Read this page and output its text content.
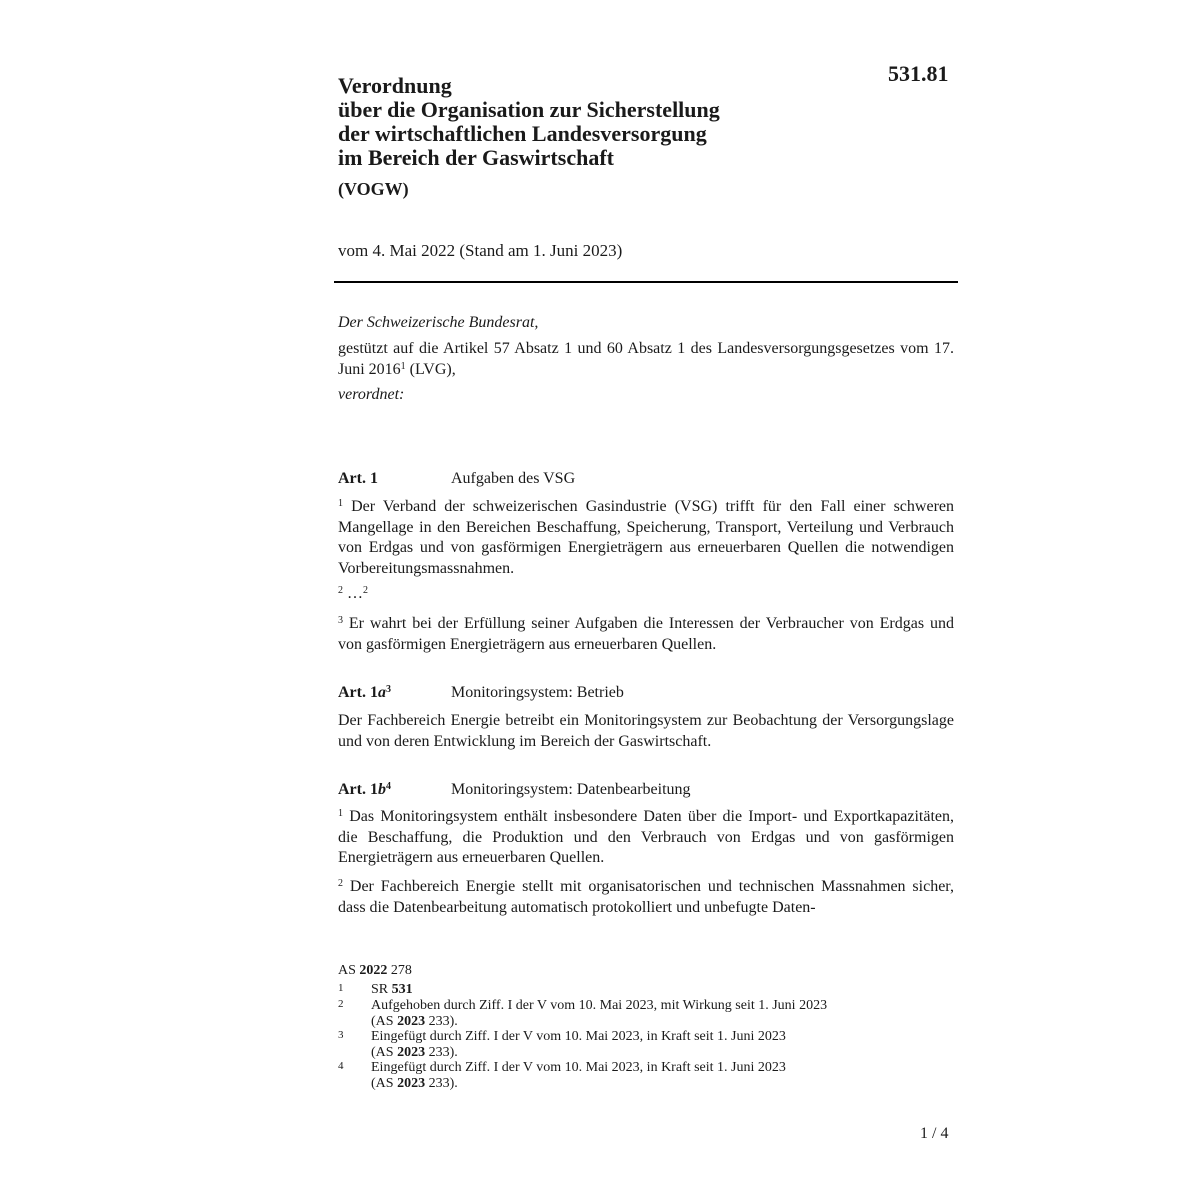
531.81
Verordnung
über die Organisation zur Sicherstellung
der wirtschaftlichen Landesversorgung
im Bereich der Gaswirtschaft
(VOGW)
vom 4. Mai 2022 (Stand am 1. Juni 2023)
Der Schweizerische Bundesrat,
gestützt auf die Artikel 57 Absatz 1 und 60 Absatz 1 des Landesversorgungsgesetzes vom 17. Juni 2016$^1$ (LVG),
verordnet:
Art. 1	Aufgaben des VSG
$^1$ Der Verband der schweizerischen Gasindustrie (VSG) trifft für den Fall einer schweren Mangellage in den Bereichen Beschaffung, Speicherung, Transport, Verteilung und Verbrauch von Erdgas und von gasförmigen Energieträgern aus erneuerbaren Quellen die notwendigen Vorbereitungsmassnahmen.
$^2$ …$^2$
$^3$ Er wahrt bei der Erfüllung seiner Aufgaben die Interessen der Verbraucher von Erdgas und von gasförmigen Energieträgern aus erneuerbaren Quellen.
Art. $1a^3$	Monitoringsystem: Betrieb
Der Fachbereich Energie betreibt ein Monitoringsystem zur Beobachtung der Versorgungslage und von deren Entwicklung im Bereich der Gaswirtschaft.
Art. $1b^4$	Monitoringsystem: Datenbearbeitung
$^1$ Das Monitoringsystem enthält insbesondere Daten über die Import- und Exportkapazitäten, die Beschaffung, die Produktion und den Verbrauch von Erdgas und von gasförmigen Energieträgern aus erneuerbaren Quellen.
$^2$ Der Fachbereich Energie stellt mit organisatorischen und technischen Massnahmen sicher, dass die Datenbearbeitung automatisch protokolliert und unbefugte Daten-
AS 2022 278
1 SR 531
2 Aufgehoben durch Ziff. I der V vom 10. Mai 2023, mit Wirkung seit 1. Juni 2023
(AS 2023 233).
3 Eingefügt durch Ziff. I der V vom 10. Mai 2023, in Kraft seit 1. Juni 2023
(AS 2023 233).
4 Eingefügt durch Ziff. I der V vom 10. Mai 2023, in Kraft seit 1. Juni 2023
(AS 2023 233).
1 / 4
